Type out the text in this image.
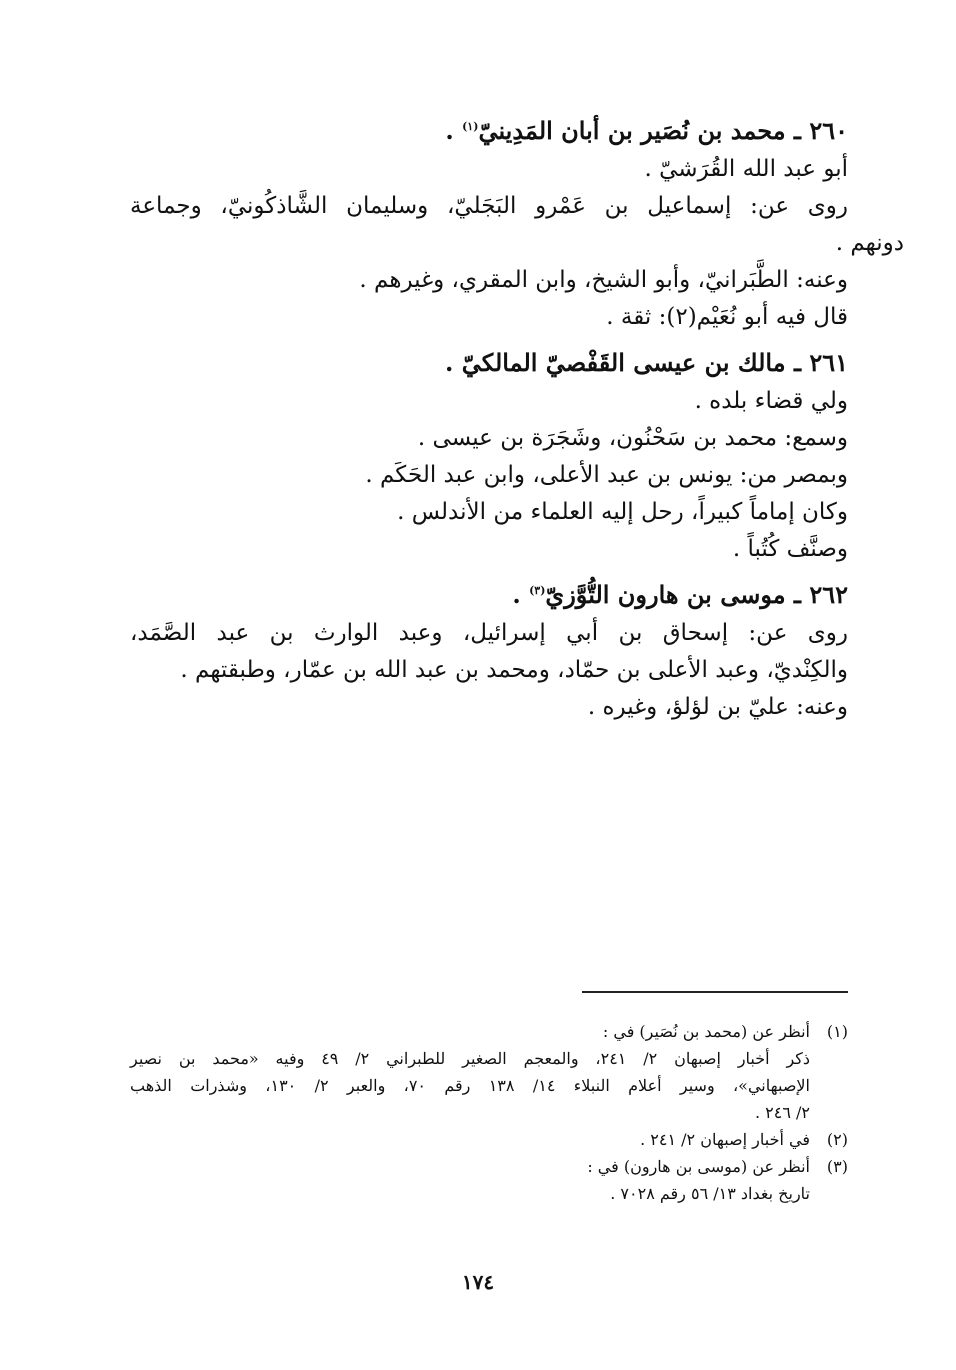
٢٦٠ ـ محمد بن نُصَير بن أبان المَدِينيّ$^{(١)}$ .

أبو عبد الله القُرَشيّ .

روى عن: إسماعيل بن عَمْرو البَجَليّ، وسليمان الشَّاذكُونيّ، وجماعة

دونهم .

وعنه: الطَّبَرانيّ، وأبو الشيخ، وابن المقري، وغيرهم .

قال فيه أبو نُعَيْم(٢): ثقة .

٢٦١ ـ مالك بن عيسى القَفْصيّ المالكيّ .

ولي قضاء بلده .

وسمع: محمد بن سَحْنُون، وشَجَرَة بن عيسى .

وبمصر من: يونس بن عبد الأعلى، وابن عبد الحَكَم .

وكان إماماً كبيراً، رحل إليه العلماء من الأندلس .

وصنَّف كُتُباً .

٢٦٢ ـ موسى بن هارون التُّوَّزيّ$^{(٣)}$ .

روى عن: إسحاق بن أبي إسرائيل، وعبد الوارث بن عبد الصَّمَد،

والكِنْديّ، وعبد الأعلى بن حمّاد، ومحمد بن عبد الله بن عمّار، وطبقتهم .

وعنه: عليّ بن لؤلؤ، وغيره .

(١)

أنظر عن (محمد بن نُصَير) في :

ذكر أخبار إصبهان ٢/ ٢٤١، والمعجم الصغير للطبراني ٢/ ٤٩ وفيه «محمد بن نصير

الإصبهاني»، وسير أعلام النبلاء ١٤/ ١٣٨ رقم ٧٠، والعبر ٢/ ١٣٠، وشذرات الذهب

٢/ ٢٤٦ .

(٢)

في أخبار إصبهان ٢/ ٢٤١ .

(٣)

أنظر عن (موسى بن هارون) في :

تاريخ بغداد ١٣/ ٥٦ رقم ٧٠٢٨ .

١٧٤
